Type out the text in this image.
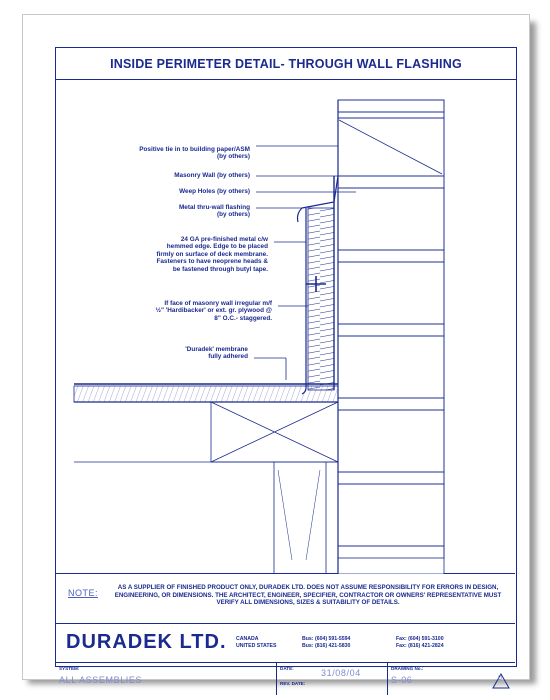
INSIDE PERIMETER DETAIL- THROUGH WALL FLASHING
Positive tie in to building paper/ASM
(by others)
Masonry Wall (by others)
Weep Holes (by others)
Metal thru-wall flashing
(by others)
24 GA pre-finished metal c/w
hemmed edge. Edge to be placed
firmly on surface of deck membrane.
Fasteners to have neoprene heads &
be fastened through butyl tape.
If face of masonry wall irregular m/f
½" 'Hardibacker' or ext. gr. plywood @
8" O.C.- staggered.
'Duradek' membrane
fully adhered
NOTE:
AS A SUPPLIER OF FINISHED PRODUCT ONLY, DURADEK LTD. DOES NOT ASSUME RESPONSIBILITY FOR ERRORS IN DESIGN, ENGINEERING, OR DIMENSIONS. THE ARCHITECT, ENGINEER, SPECIFIER, CONTRACTOR OR OWNERS' REPRESENTATIVE MUST VERIFY ALL DIMENSIONS, SIZES & SUITABILITY OF DETAILS.
DURADEK LTD. CANADA
UNITED STATES
Bus: (604) 591-5594
Bus: (816) 421-5830
Fax: (604) 591-3100
Fax: (816) 421-2824
SYSTEM:
ALL ASSEMBLIES
DATE:
REV. DATE:
31/08/04	DRAWING No.:
S-06	0
